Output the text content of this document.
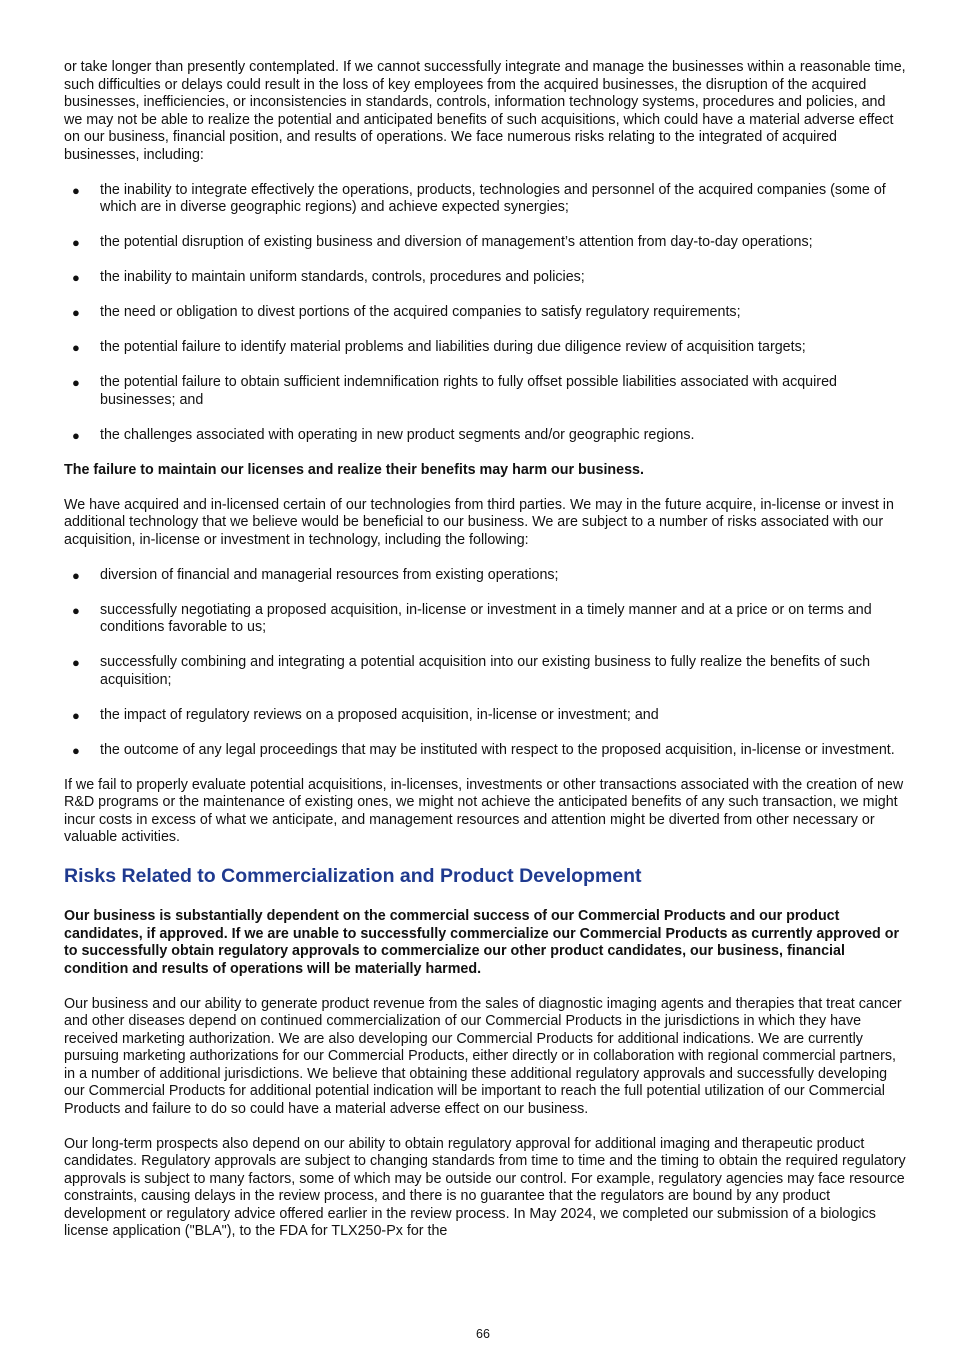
or take longer than presently contemplated. If we cannot successfully integrate and manage the businesses within a reasonable time, such difficulties or delays could result in the loss of key employees from the acquired businesses, the disruption of the acquired businesses, inefficiencies, or inconsistencies in standards, controls, information technology systems, procedures and policies, and we may not be able to realize the potential and anticipated benefits of such acquisitions, which could have a material adverse effect on our business, financial position, and results of operations. We face numerous risks relating to the integrated of acquired businesses, including:

● the inability to integrate effectively the operations, products, technologies and personnel of the acquired companies (some of which are in diverse geographic regions) and achieve expected synergies;
● the potential disruption of existing business and diversion of management’s attention from day-to-day operations;
● the inability to maintain uniform standards, controls, procedures and policies;
● the need or obligation to divest portions of the acquired companies to satisfy regulatory requirements;
● the potential failure to identify material problems and liabilities during due diligence review of acquisition targets;
● the potential failure to obtain sufficient indemnification rights to fully offset possible liabilities associated with acquired businesses; and
● the challenges associated with operating in new product segments and/or geographic regions.

The failure to maintain our licenses and realize their benefits may harm our business.

We have acquired and in-licensed certain of our technologies from third parties. We may in the future acquire, in-license or invest in additional technology that we believe would be beneficial to our business. We are subject to a number of risks associated with our acquisition, in-license or investment in technology, including the following:

● diversion of financial and managerial resources from existing operations;
● successfully negotiating a proposed acquisition, in-license or investment in a timely manner and at a price or on terms and conditions favorable to us;
● successfully combining and integrating a potential acquisition into our existing business to fully realize the benefits of such acquisition;
● the impact of regulatory reviews on a proposed acquisition, in-license or investment; and
● the outcome of any legal proceedings that may be instituted with respect to the proposed acquisition, in-license or investment.

If we fail to properly evaluate potential acquisitions, in-licenses, investments or other transactions associated with the creation of new R&D programs or the maintenance of existing ones, we might not achieve the anticipated benefits of any such transaction, we might incur costs in excess of what we anticipate, and management resources and attention might be diverted from other necessary or valuable activities.

Risks Related to Commercialization and Product Development

Our business is substantially dependent on the commercial success of our Commercial Products and our product candidates, if approved. If we are unable to successfully commercialize our Commercial Products as currently approved or to successfully obtain regulatory approvals to commercialize our other product candidates, our business, financial condition and results of operations will be materially harmed.

Our business and our ability to generate product revenue from the sales of diagnostic imaging agents and therapies that treat cancer and other diseases depend on continued commercialization of our Commercial Products in the jurisdictions in which they have received marketing authorization. We are also developing our Commercial Products for additional indications. We are currently pursuing marketing authorizations for our Commercial Products, either directly or in collaboration with regional commercial partners, in a number of additional jurisdictions. We believe that obtaining these additional regulatory approvals and successfully developing our Commercial Products for additional potential indication will be important to reach the full potential utilization of our Commercial Products and failure to do so could have a material adverse effect on our business.

Our long-term prospects also depend on our ability to obtain regulatory approval for additional imaging and therapeutic product candidates. Regulatory approvals are subject to changing standards from time to time and the timing to obtain the required regulatory approvals is subject to many factors, some of which may be outside our control. For example, regulatory agencies may face resource constraints, causing delays in the review process, and there is no guarantee that the regulators are bound by any product development or regulatory advice offered earlier in the review process. In May 2024, we completed our submission of a biologics license application ("BLA"), to the FDA for TLX250-Px for the

66
